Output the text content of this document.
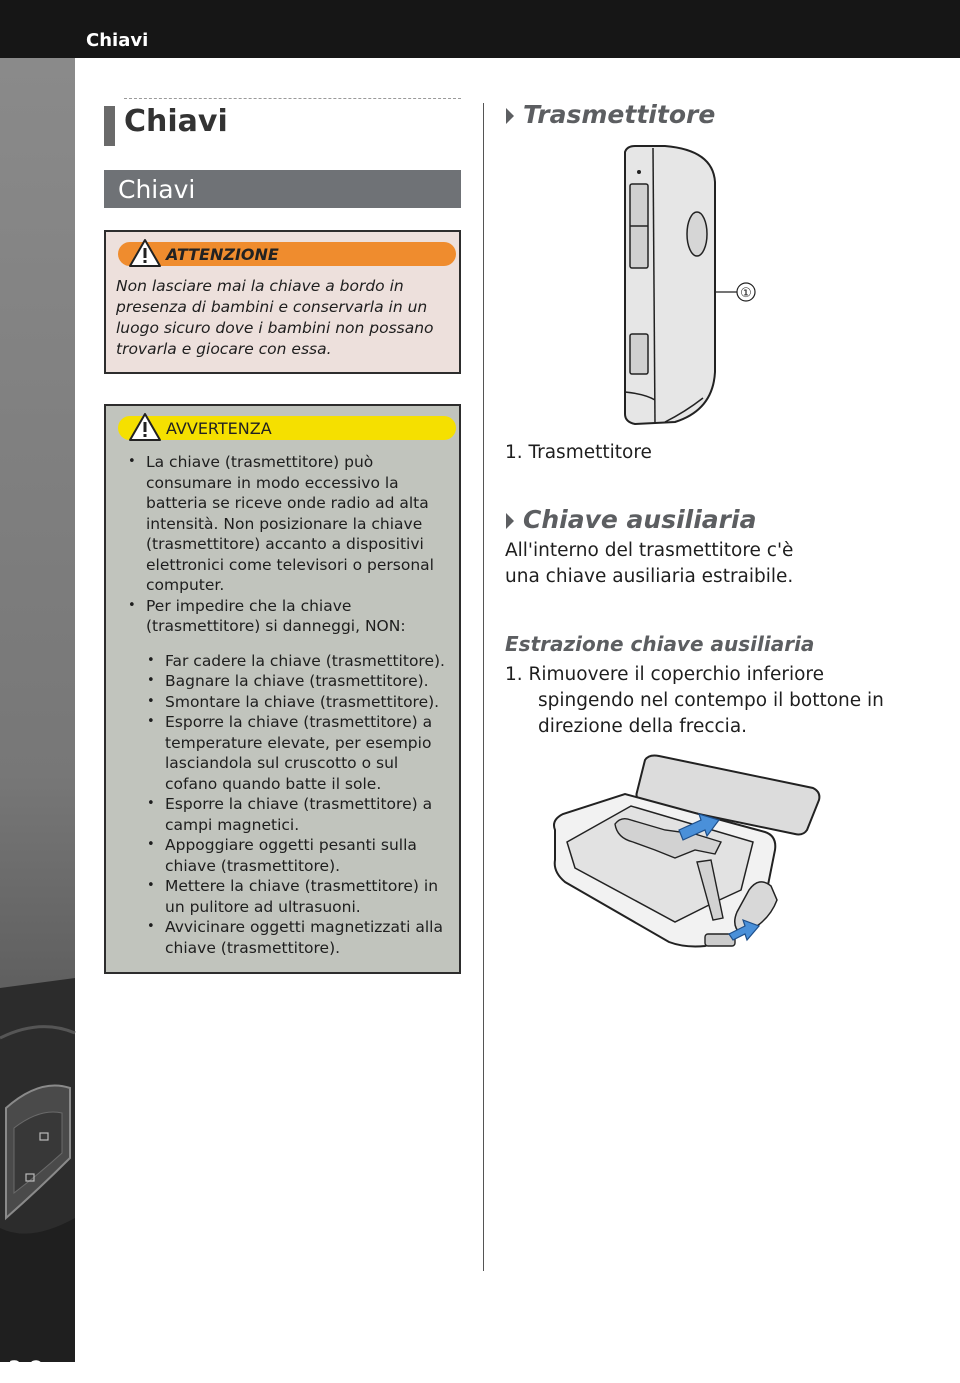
Chiavi
3-2
Chiavi
Chiavi
ATTENZIONE
Non lasciare mai la chiave a bordo in presenza di bambini e conservarla in un luogo sicuro dove i bambini non possano trovarla e giocare con essa.
AVVERTENZA
• La chiave (trasmettitore) può consumare in modo eccessivo la batteria se riceve onde radio ad alta intensità. Non posizionare la chiave (trasmettitore) accanto a dispositivi elettronici come televisori o personal computer.
• Per impedire che la chiave (trasmettitore) si danneggi, NON:
• Far cadere la chiave (trasmettitore).
• Bagnare la chiave (trasmettitore).
• Smontare la chiave (trasmettitore).
• Esporre la chiave (trasmettitore) a temperature elevate, per esempio lasciandola sul cruscotto o sul cofano quando batte il sole.
• Esporre la chiave (trasmettitore) a campi magnetici.
• Appoggiare oggetti pesanti sulla chiave (trasmettitore).
• Mettere la chiave (trasmettitore) in un pulitore ad ultrasuoni.
• Avvicinare oggetti magnetizzati alla chiave (trasmettitore).
Trasmettitore
①
1. Trasmettitore
Chiave ausiliaria
All'interno del trasmettitore c'è una chiave ausiliaria estraibile.
Estrazione chiave ausiliaria
1. Rimuovere il coperchio inferiore spingendo nel contempo il bottone in direzione della freccia.
